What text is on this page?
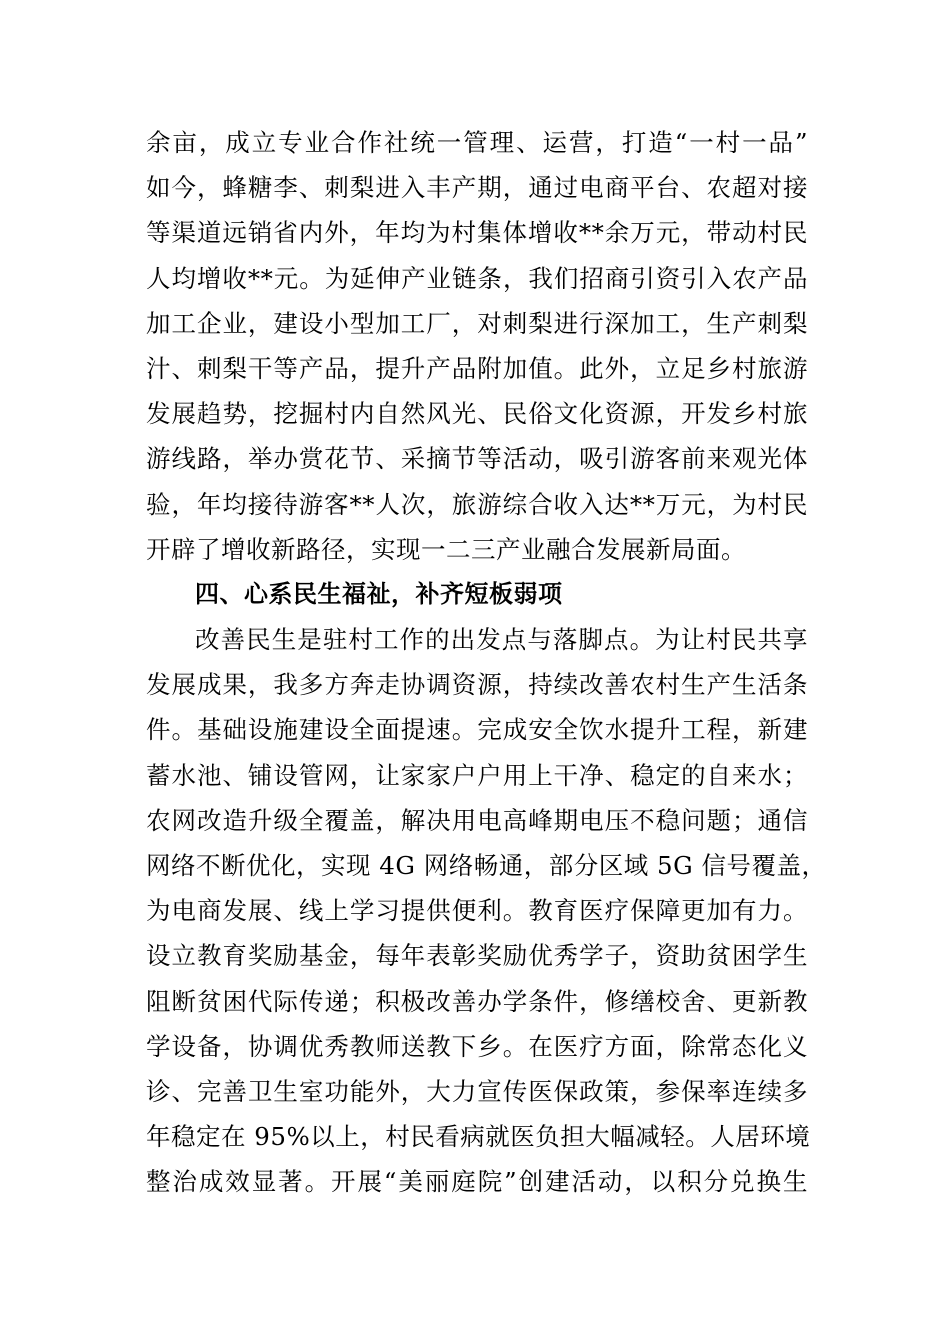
余亩，成立专业合作社统一管理、运营，打造“一村一品”
如今，蜂糖李、刺梨进入丰产期，通过电商平台、农超对接
等渠道远销省内外，年均为村集体增收**余万元，带动村民
人均增收**元。为延伸产业链条，我们招商引资引入农产品
加工企业，建设小型加工厂，对刺梨进行深加工，生产刺梨
汁、刺梨干等产品，提升产品附加值。此外，立足乡村旅游
发展趋势，挖掘村内自然风光、民俗文化资源，开发乡村旅
游线路，举办赏花节、采摘节等活动，吸引游客前来观光体
验，年均接待游客**人次，旅游综合收入达**万元，为村民
开辟了增收新路径，实现一二三产业融合发展新局面。
四、心系民生福祉，补齐短板弱项
改善民生是驻村工作的出发点与落脚点。为让村民共享
发展成果，我多方奔走协调资源，持续改善农村生产生活条
件。基础设施建设全面提速。完成安全饮水提升工程，新建
蓄水池、铺设管网，让家家户户用上干净、稳定的自来水；
农网改造升级全覆盖，解决用电高峰期电压不稳问题；通信
网络不断优化，实现 4G 网络畅通，部分区域 5G 信号覆盖，
为电商发展、线上学习提供便利。教育医疗保障更加有力。
设立教育奖励基金，每年表彰奖励优秀学子，资助贫困学生
阻断贫困代际传递；积极改善办学条件，修缮校舍、更新教
学设备，协调优秀教师送教下乡。在医疗方面，除常态化义
诊、完善卫生室功能外，大力宣传医保政策，参保率连续多
年稳定在 95%以上，村民看病就医负担大幅减轻。人居环境
整治成效显著。开展“美丽庭院”创建活动，以积分兑换生
